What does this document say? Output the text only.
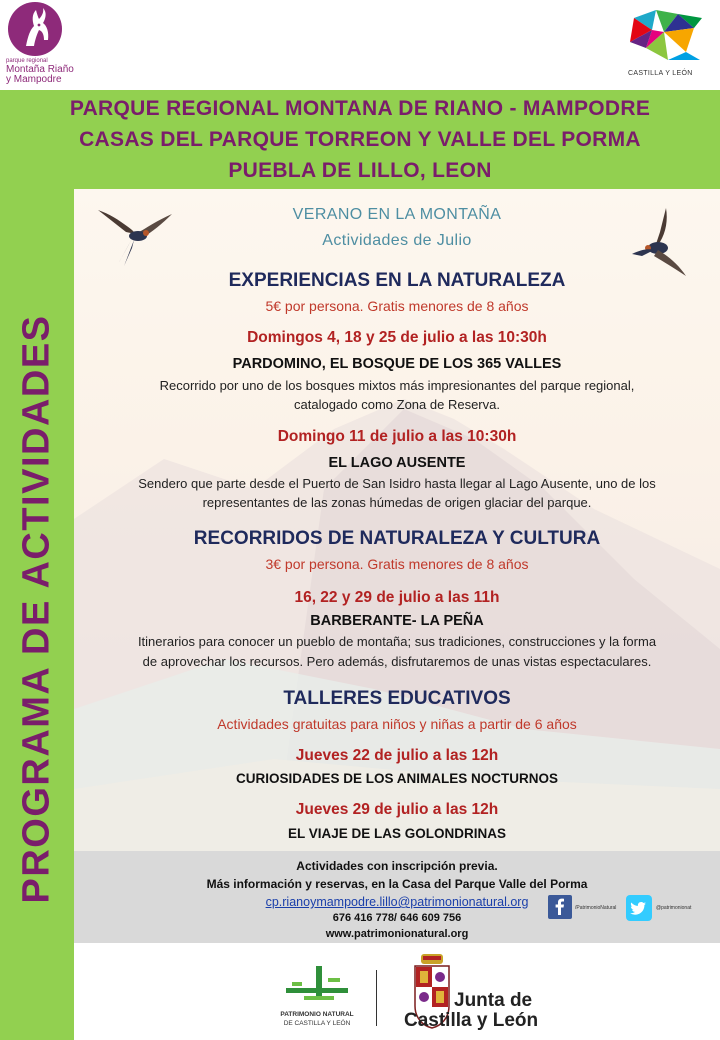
parque regional
Montaña Riaño
y Mampodre
CASTILLA Y LEÓN
PARQUE REGIONAL MONTANA DE RIANO - MAMPODRE
CASAS DEL PARQUE TORREON Y VALLE DEL PORMA
PUEBLA DE LILLO, LEON
PROGRAMA DE ACTIVIDADES
VERANO EN LA MONTAÑA
Actividades de Julio
EXPERIENCIAS EN LA NATURALEZA
5€ por persona. Gratis menores de 8 años
Domingos 4, 18 y 25 de julio a las 10:30h
PARDOMINO, EL BOSQUE DE LOS 365 VALLES
Recorrido por uno de los bosques mixtos más impresionantes del parque regional,
catalogado como Zona de Reserva.
Domingo 11 de julio a las 10:30h
EL LAGO AUSENTE
Sendero que parte desde el Puerto de San Isidro hasta llegar al Lago Ausente, uno de los
representantes de las zonas húmedas de origen glaciar del parque.
RECORRIDOS DE NATURALEZA Y CULTURA
3€ por persona. Gratis menores de 8 años
16, 22 y 29 de julio a las 11h
BARBERANTE- LA PEÑA
Itinerarios para conocer un pueblo de montaña; sus tradiciones, construcciones y la forma
de aprovechar los recursos. Pero además, disfrutaremos de unas vistas espectaculares.
TALLERES EDUCATIVOS
Actividades gratuitas para niños y niñas a partir de 6 años
Jueves 22 de julio a las 12h
CURIOSIDADES DE LOS ANIMALES NOCTURNOS
Jueves 29 de julio a las 12h
EL VIAJE DE LAS GOLONDRINAS
Actividades con inscripción previa.
Más información y reservas, en la Casa del Parque Valle del Porma
cp.rianoymampodre.lillo@patrimonionatural.org
676 416 778/ 646 609 756
www.patrimonionatural.org
/PatrimonioNatural	@patrimonionat
PATRIMONIO NATURAL
DE CASTILLA Y LEÓN
Junta de
Castilla y León
